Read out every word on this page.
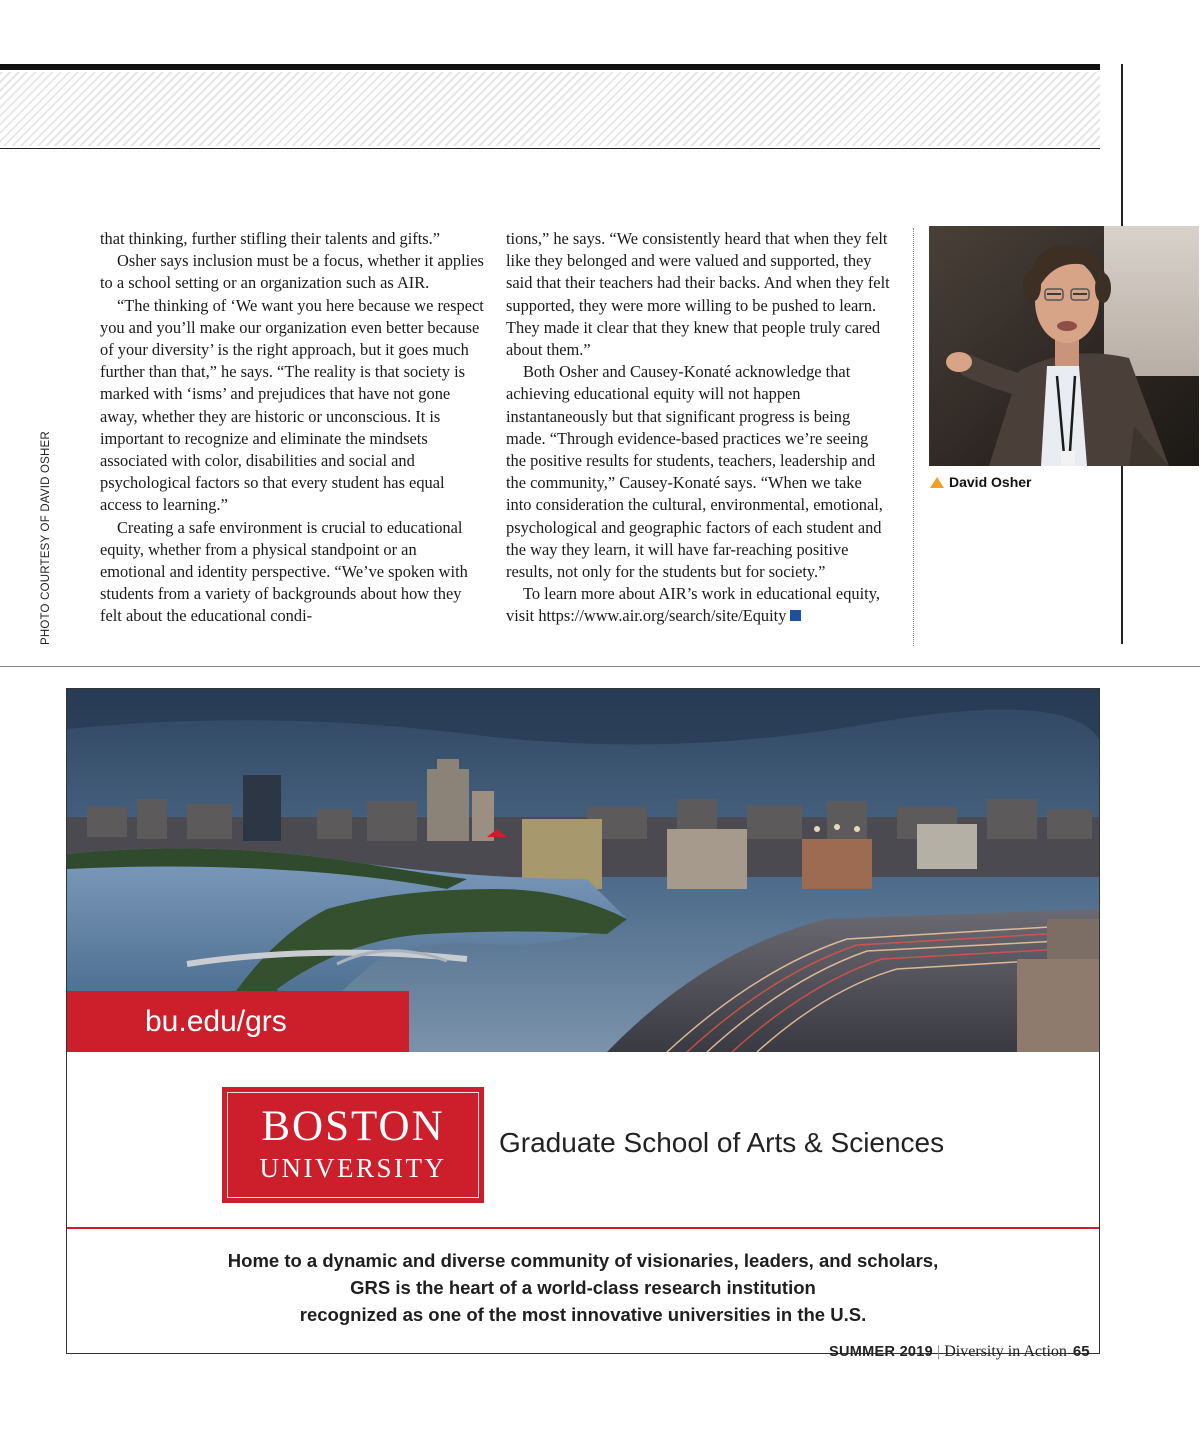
PHOTO COURTESY OF DAVID OSHER

that thinking, further stifling their talents and gifts.”

Osher says inclusion must be a focus, whether it applies to a school setting or an organization such as AIR.

“The thinking of ‘We want you here because we respect you and you’ll make our organization even better because of your diversity’ is the right approach, but it goes much further than that,” he says. “The reality is that society is marked with ‘isms’ and prejudices that have not gone away, whether they are historic or unconscious. It is important to recognize and eliminate the mindsets associated with color, disabilities and social and psychological factors so that every student has equal access to learning.”

Creating a safe environment is crucial to educational equity, whether from a physical standpoint or an emotional and identity perspective. “We’ve spoken with students from a variety of backgrounds about how they felt about the educational condi-

tions,” he says. “We consistently heard that when they felt like they belonged and were valued and supported, they said that their teachers had their backs. And when they felt supported, they were more willing to be pushed to learn. They made it clear that they knew that people truly cared about them.”

Both Osher and Causey-Konaté acknowledge that achieving educational equity will not happen instantaneously but that significant progress is being made. “Through evidence-based practices we’re seeing the positive results for students, teachers, leadership and the community,” Causey-Konaté says. “When we take into consideration the cultural, environmental, emotional, psychological and geographic factors of each student and the way they learn, it will have far-reaching positive results, not only for the students but for society.”

To learn more about AIR’s work in educational equity, visit https://www.air.org/search/site/Equity

David Osher
bu.edu/grs
BOSTON
UNIVERSITY
Graduate School of Arts & Sciences
Home to a dynamic and diverse community of visionaries, leaders, and scholars,
GRS is the heart of a world-class research institution
recognized as one of the most innovative universities in the U.S.
SUMMER 2019 | Diversity in Action 65
